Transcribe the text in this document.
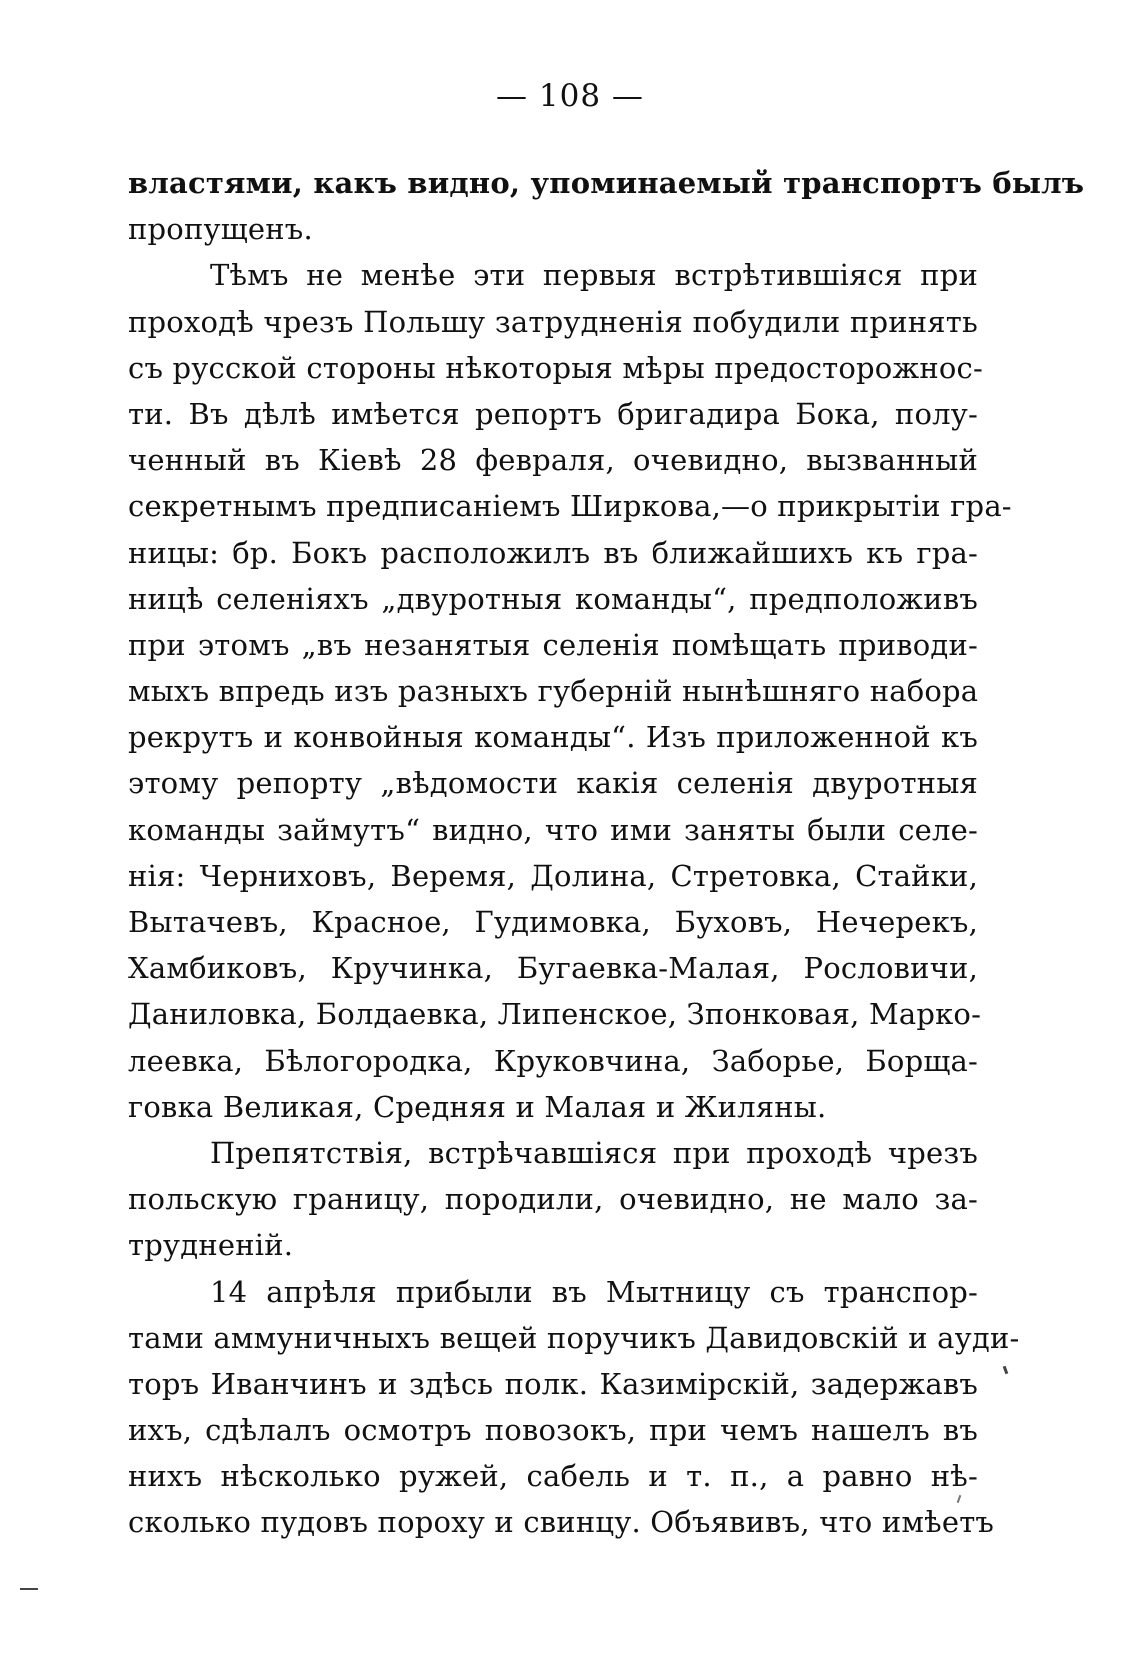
— 108 —
властями, какъ видно, упоминаемый транспортъ былъ
пропущенъ.
Тѣмъ не менѣе эти первыя встрѣтившіяся при
проходѣ чрезъ Польшу затрудненія побудили принять
съ русской стороны нѣкоторыя мѣры предосторожнос-
ти. Въ дѣлѣ имѣется репортъ бригадира Бока, полу-
ченный въ Кіевѣ 28 февраля, очевидно, вызванный
секретнымъ предписаніемъ Ширкова,—о прикрытіи гра-
ницы: бр. Бокъ расположилъ въ ближайшихъ къ гра-
ницѣ селеніяхъ „двуротныя команды“, предположивъ
при этомъ „въ незанятыя селенія помѣщать приводи-
мыхъ впредь изъ разныхъ губерній нынѣшняго набора
рекрутъ и конвойныя команды“. Изъ приложенной къ
этому репорту „вѣдомости какія селенія двуротныя
команды займутъ“ видно, что ими заняты были селе-
нія: Черниховъ, Веремя, Долина, Стретовка, Стайки,
Вытачевъ, Красное, Гудимовка, Буховъ, Нечерекъ,
Хамбиковъ, Кручинка, Бугаевка-Малая, Рословичи,
Даниловка, Болдаевка, Липенское, Зпонковая, Марко-
леевка, Бѣлогородка, Круковчина, Заборье, Борща-
говка Великая, Средняя и Малая и Жиляны.
Препятствія, встрѣчавшіяся при проходѣ чрезъ
польскую границу, породили, очевидно, не мало за-
трудненій.
14 апрѣля прибыли въ Мытницу съ транспор-
тами аммуничныхъ вещей поручикъ Давидовскій и ауди-
торъ Иванчинъ и здѣсь полк. Казимірскій, задержавъ
ихъ, сдѣлалъ осмотръ повозокъ, при чемъ нашелъ въ
нихъ нѣсколько ружей, сабель и т. п., а равно нѣ-
сколько пудовъ пороху и свинцу. Объявивъ, что имѣетъ
